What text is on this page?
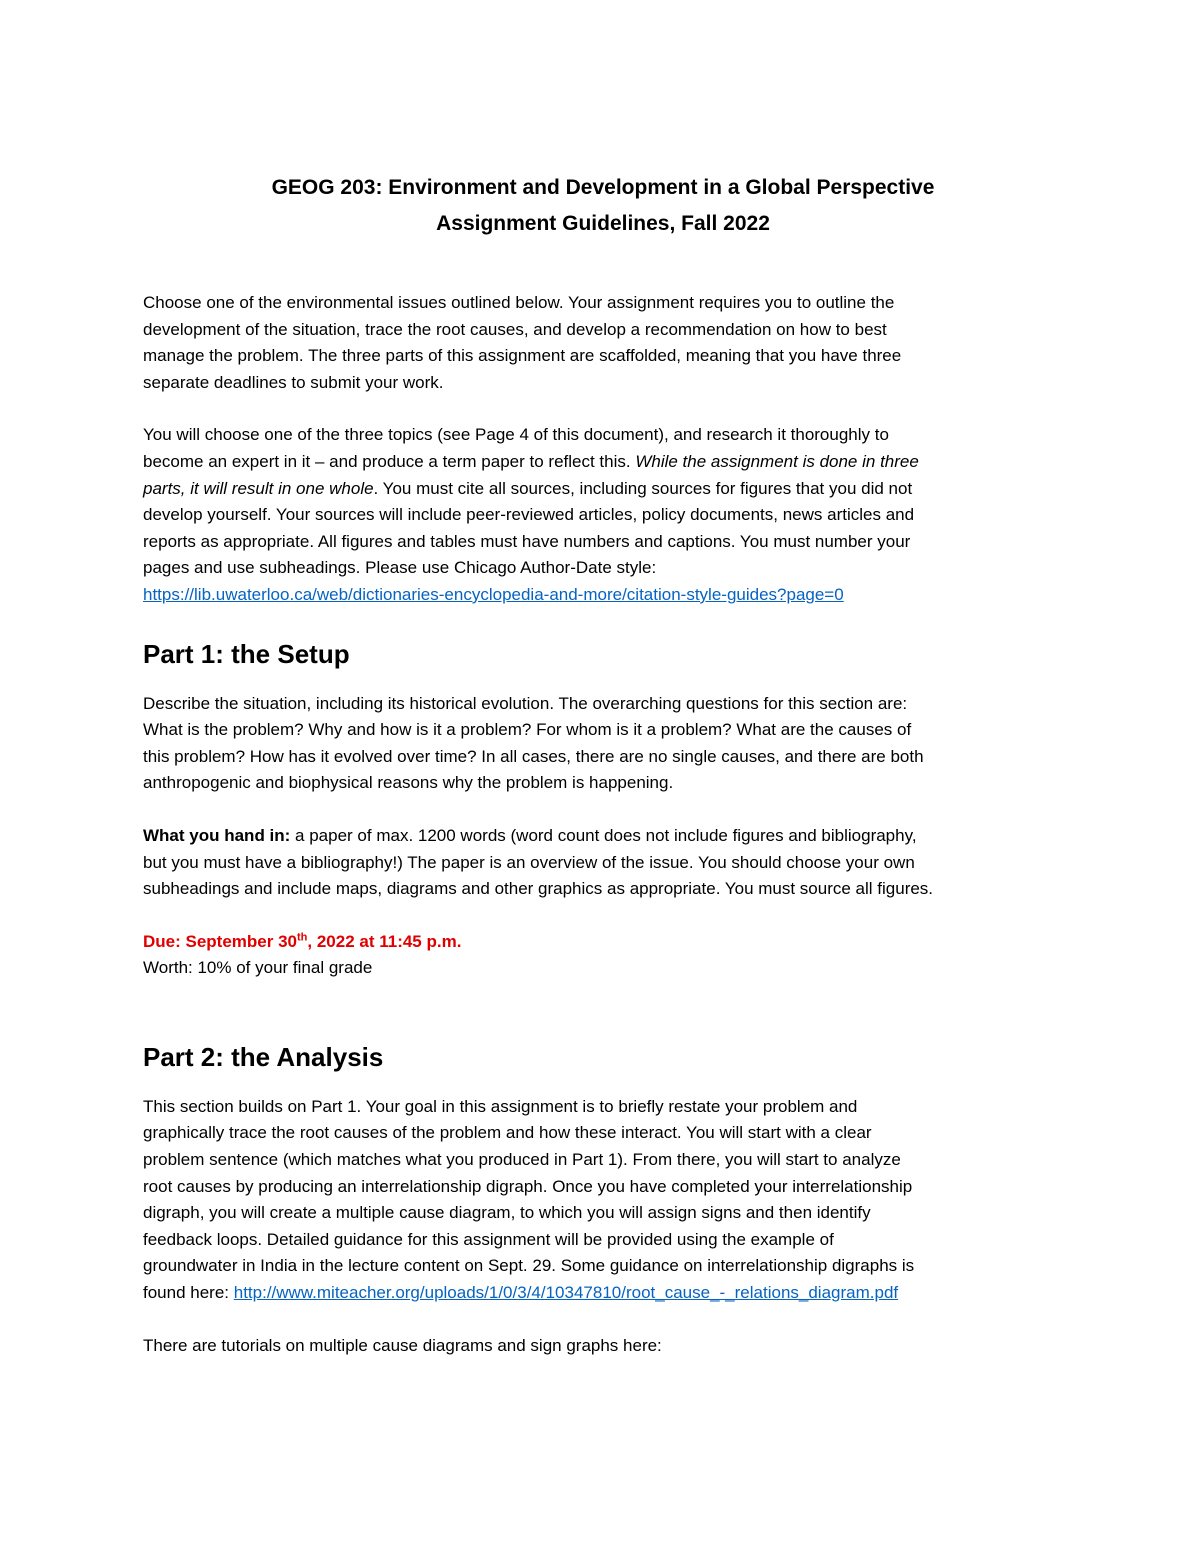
GEOG 203: Environment and Development in a Global Perspective

Assignment Guidelines, Fall 2022

Choose one of the environmental issues outlined below. Your assignment requires you to outline the

development of the situation, trace the root causes, and develop a recommendation on how to best

manage the problem. The three parts of this assignment are scaffolded, meaning that you have three

separate deadlines to submit your work.

You will choose one of the three topics (see Page 4 of this document), and research it thoroughly to

become an expert in it – and produce a term paper to reflect this. While the assignment is done in three

parts, it will result in one whole. You must cite all sources, including sources for figures that you did not

develop yourself. Your sources will include peer-reviewed articles, policy documents, news articles and

reports as appropriate. All figures and tables must have numbers and captions. You must number your

pages and use subheadings. Please use Chicago Author-Date style:

https://lib.uwaterloo.ca/web/dictionaries-encyclopedia-and-more/citation-style-guides?page=0

Part 1: the Setup

Describe the situation, including its historical evolution. The overarching questions for this section are:

What is the problem? Why and how is it a problem? For whom is it a problem? What are the causes of

this problem? How has it evolved over time? In all cases, there are no single causes, and there are both

anthropogenic and biophysical reasons why the problem is happening.

What you hand in: a paper of max. 1200 words (word count does not include figures and bibliography,

but you must have a bibliography!) The paper is an overview of the issue. You should choose your own

subheadings and include maps, diagrams and other graphics as appropriate. You must source all figures.

Due: September 30th, 2022 at 11:45 p.m.

Worth: 10% of your final grade

Part 2: the Analysis

This section builds on Part 1. Your goal in this assignment is to briefly restate your problem and

graphically trace the root causes of the problem and how these interact. You will start with a clear

problem sentence (which matches what you produced in Part 1). From there, you will start to analyze

root causes by producing an interrelationship digraph. Once you have completed your interrelationship

digraph, you will create a multiple cause diagram, to which you will assign signs and then identify

feedback loops. Detailed guidance for this assignment will be provided using the example of

groundwater in India in the lecture content on Sept. 29. Some guidance on interrelationship digraphs is

found here: http://www.miteacher.org/uploads/1/0/3/4/10347810/root_cause_-_relations_diagram.pdf

There are tutorials on multiple cause diagrams and sign graphs here:
